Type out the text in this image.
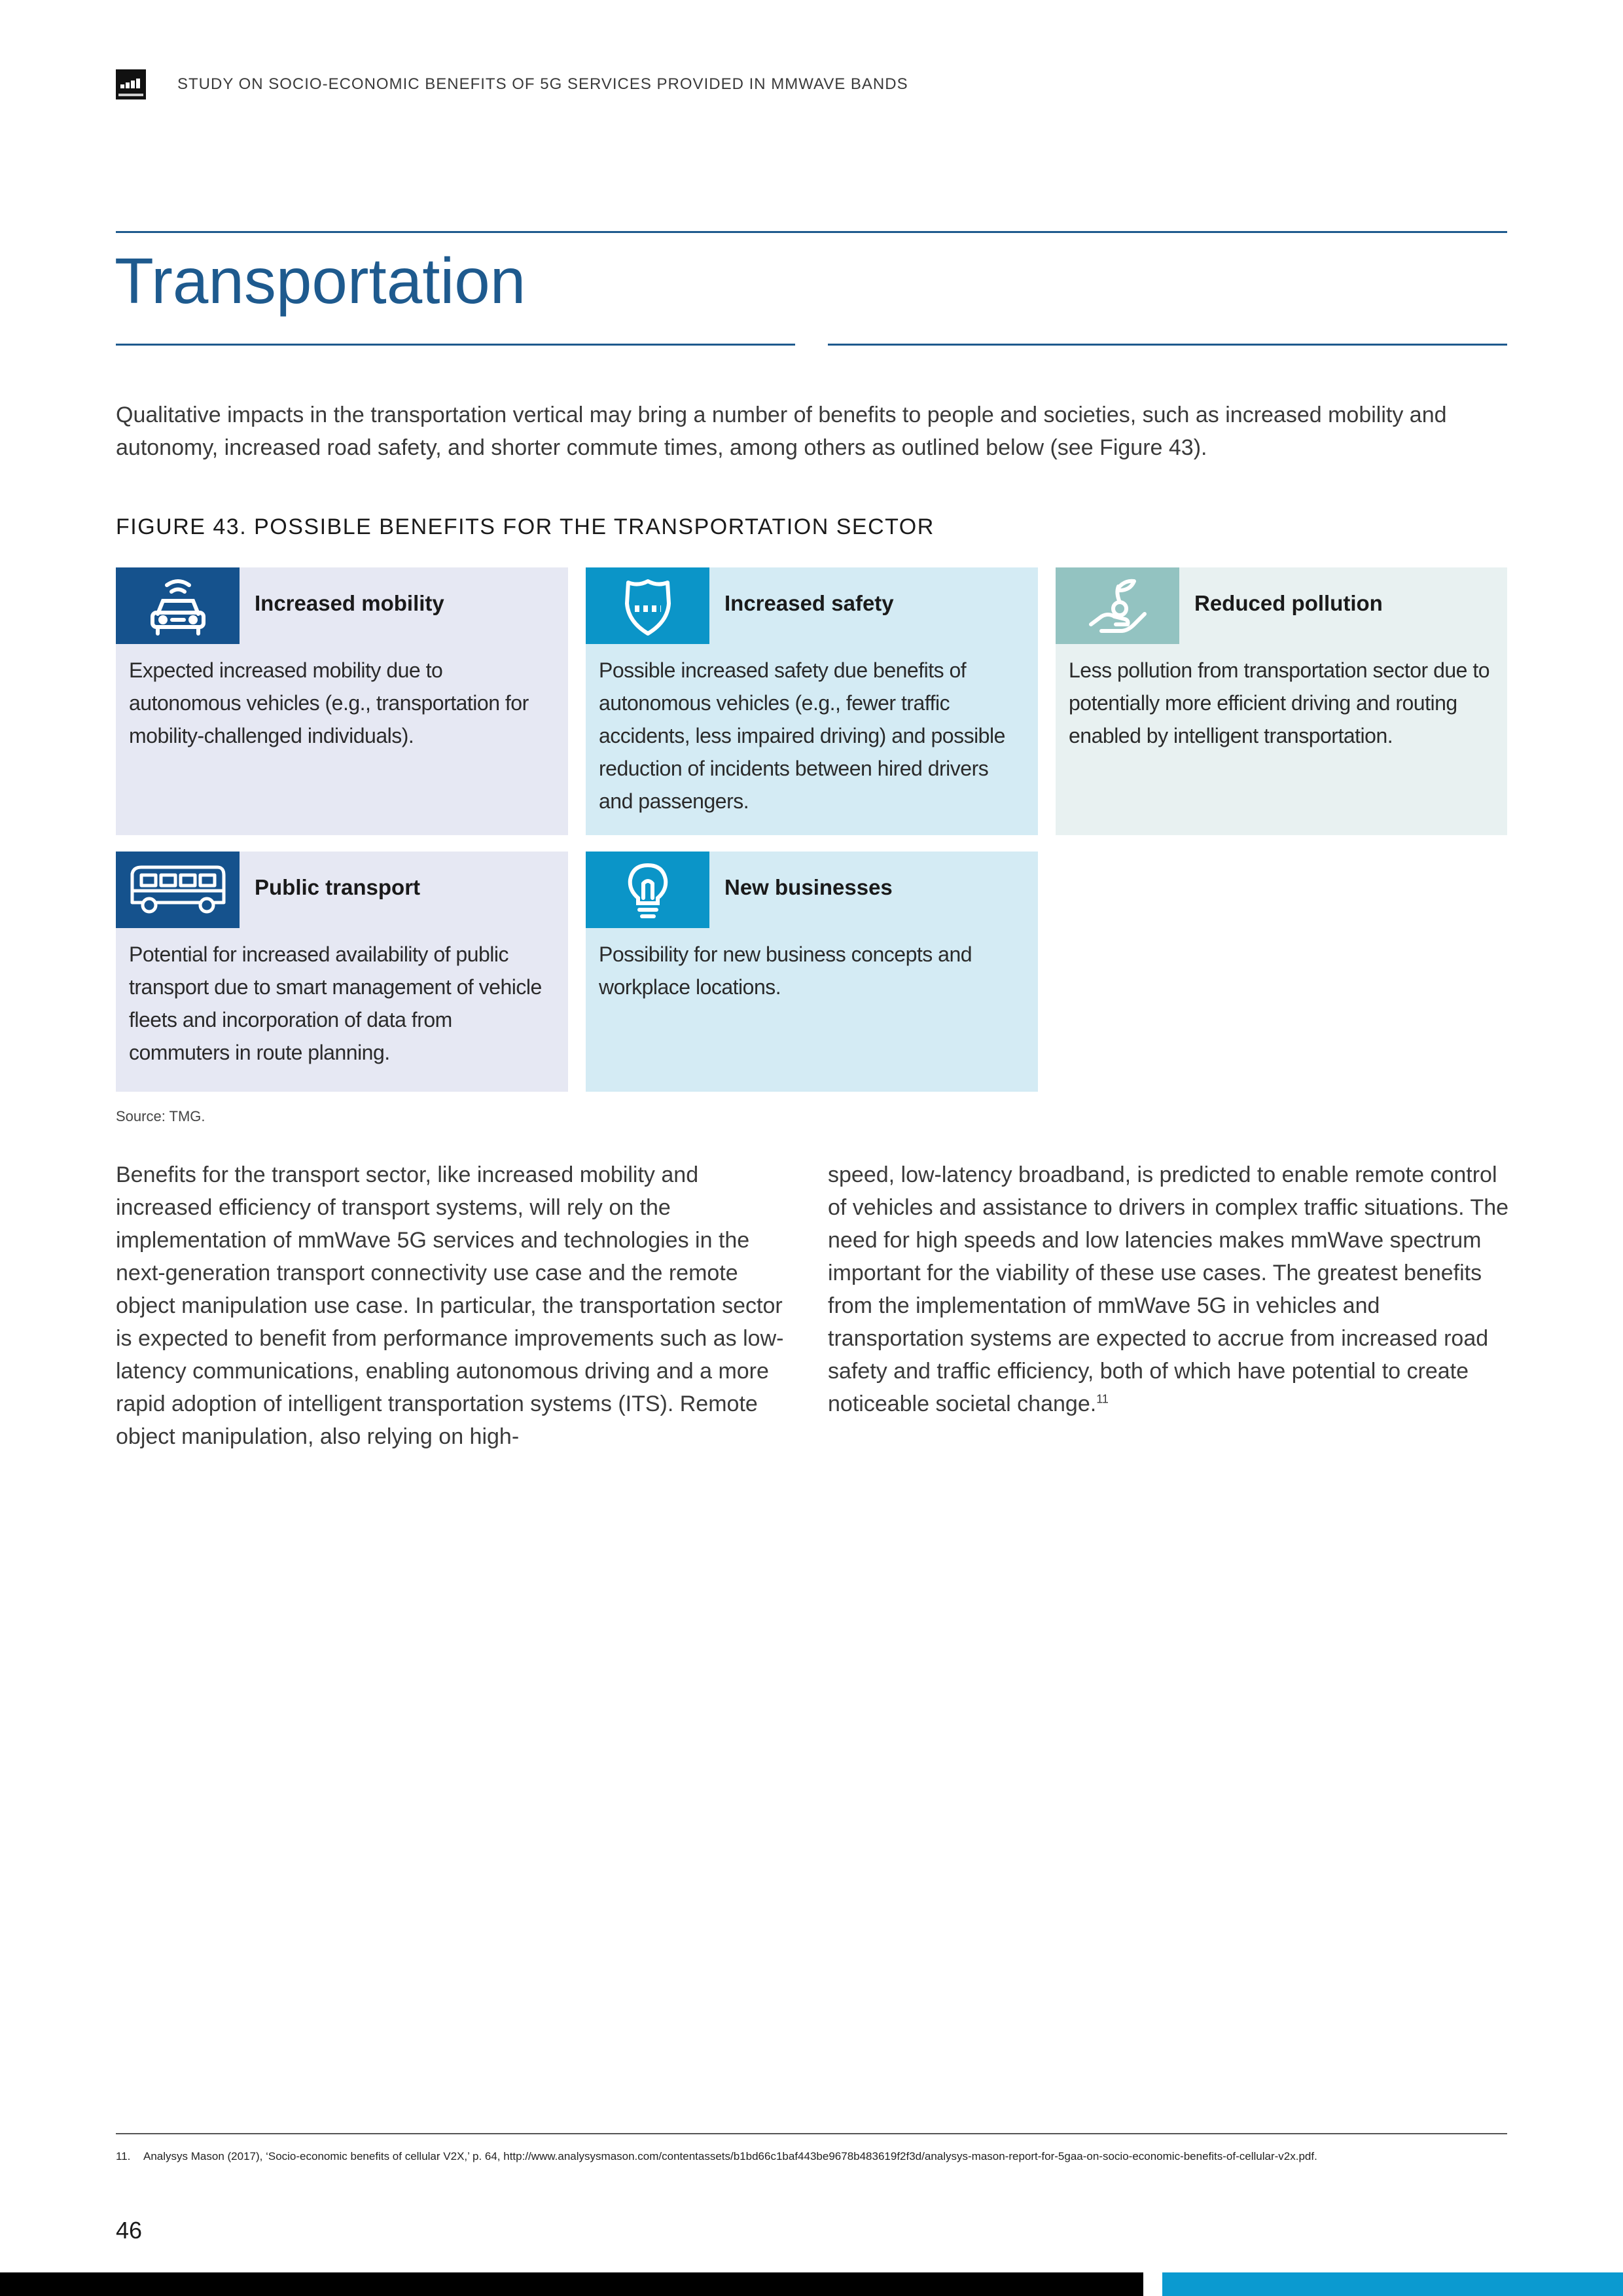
STUDY ON SOCIO-ECONOMIC BENEFITS OF 5G SERVICES PROVIDED IN MMWAVE BANDS
Transportation

Qualitative impacts in the transportation vertical may bring a number of benefits to people and societies, such as increased mobility and autonomy, increased road safety, and shorter commute times, among others as outlined below (see Figure 43).

FIGURE 43. POSSIBLE BENEFITS FOR THE TRANSPORTATION SECTOR
Increased mobility
Expected increased mobility due to autonomous vehicles (e.g., transportation for mobility-challenged individuals).
Increased safety
Possible increased safety due benefits of autonomous vehicles (e.g., fewer traffic accidents, less impaired driving) and possible reduction of incidents between hired drivers and passengers.
Reduced pollution
Less pollution from transportation sector due to potentially more efficient driving and routing enabled by intelligent transportation.
Public transport
Potential for increased availability of public transport due to smart management of vehicle fleets and incorporation of data from commuters in route planning.
New businesses
Possibility for new business concepts and workplace locations.
Source: TMG.

Benefits for the transport sector, like increased mobility and increased efficiency of transport systems, will rely on the implementation of mmWave 5G services and technologies in the next-generation transport connectivity use case and the remote object manipulation use case. In particular, the transportation sector is expected to benefit from performance improvements such as low-latency communications, enabling autonomous driving and a more rapid adoption of intelligent transportation systems (ITS). Remote object manipulation, also relying on high-

speed, low-latency broadband, is predicted to enable remote control of vehicles and assistance to drivers in complex traffic situations. The need for high speeds and low latencies makes mmWave spectrum important for the viability of these use cases. The greatest benefits from the implementation of mmWave 5G in vehicles and transportation systems are expected to accrue from increased road safety and traffic efficiency, both of which have potential to create noticeable societal change.$^{11}$

11. Analysys Mason (2017), ‘Socio-economic benefits of cellular V2X,’ p. 64, http://www.analysysmason.com/contentassets/b1bd66c1baf443be9678b483619f2f3d/analysys-mason-report-for-5gaa-on-socio-economic-benefits-of-cellular-v2x.pdf.
46
